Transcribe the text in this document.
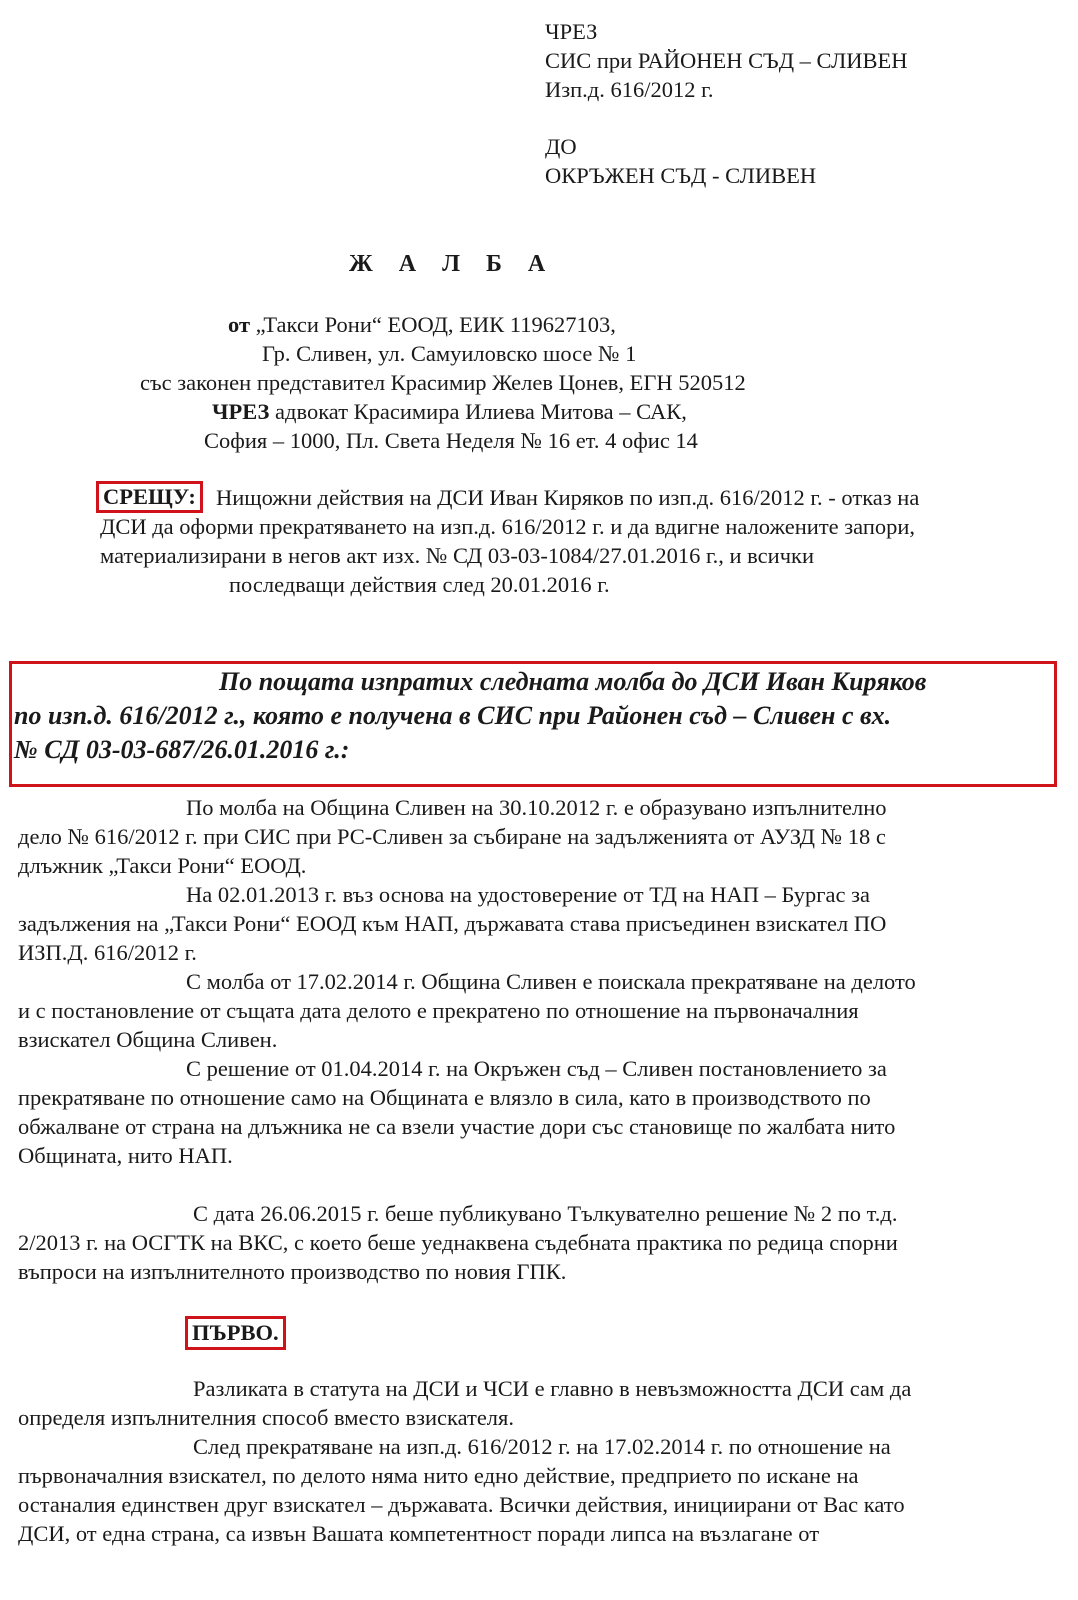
ЧРЕЗ
СИС при РАЙОНЕН СЪД – СЛИВЕН
Изп.д. 616/2012 г.
ДО
ОКРЪЖЕН СЪД - СЛИВЕН
Ж А Л Б А
от „Такси Рони“ ЕООД, ЕИК 119627103,
Гр. Сливен, ул. Самуиловско шосе № 1
със законен представител Красимир Желев Цонев, ЕГН 520512
ЧРЕЗ адвокат Красимира Илиева Митова – САК,
София – 1000, Пл. Света Неделя № 16 ет. 4 офис 14
СРЕЩУ: Нищожни действия на ДСИ Иван Киряков по изп.д. 616/2012 г. - отказ на
ДСИ да оформи прекратяването на изп.д. 616/2012 г. и да вдигне наложените запори,
материализирани в негов акт изх. № СД 03-03-1084/27.01.2016 г., и всички
последващи действия след 20.01.2016 г.
По пощата изпратих следната молба до ДСИ Иван Киряков
по изп.д. 616/2012 г., която е получена в СИС при Районен съд – Сливен с вх.
№ СД 03-03-687/26.01.2016 г.:
По молба на Община Сливен на 30.10.2012 г. е образувано изпълнително
дело № 616/2012 г. при СИС при РС-Сливен за събиране на задълженията от АУЗД № 18 с
длъжник „Такси Рони“ ЕООД.
На 02.01.2013 г. въз основа на удостоверение от ТД на НАП – Бургас за
задължения на „Такси Рони“ ЕООД към НАП, държавата става присъединен взискател ПО
ИЗП.Д. 616/2012 г.
С молба от 17.02.2014 г. Община Сливен е поискала прекратяване на делото
и с постановление от същата дата делото е прекратено по отношение на първоначалния
взискател Община Сливен.
С решение от 01.04.2014 г. на Окръжен съд – Сливен постановлението за
прекратяване по отношение само на Общината е влязло в сила, като в производството по
обжалване от страна на длъжника не са взели участие дори със становище по жалбата нито
Общината, нито НАП.
С дата 26.06.2015 г. беше публикувано Тълкувателно решение № 2 по т.д.
2/2013 г. на ОСГТК на ВКС, с което беше уеднаквена съдебната практика по редица спорни
въпроси на изпълнителното производство по новия ГПК.
ПЪРВО.
Разликата в статута на ДСИ и ЧСИ е главно в невъзможността ДСИ сам да
определя изпълнителния способ вместо взискателя.
След прекратяване на изп.д. 616/2012 г. на 17.02.2014 г. по отношение на
първоначалния взискател, по делото няма нито едно действие, предприето по искане на
останалия единствен друг взискател – държавата. Всички действия, инициирани от Вас като
ДСИ, от една страна, са извън Вашата компетентност поради липса на възлагане от
